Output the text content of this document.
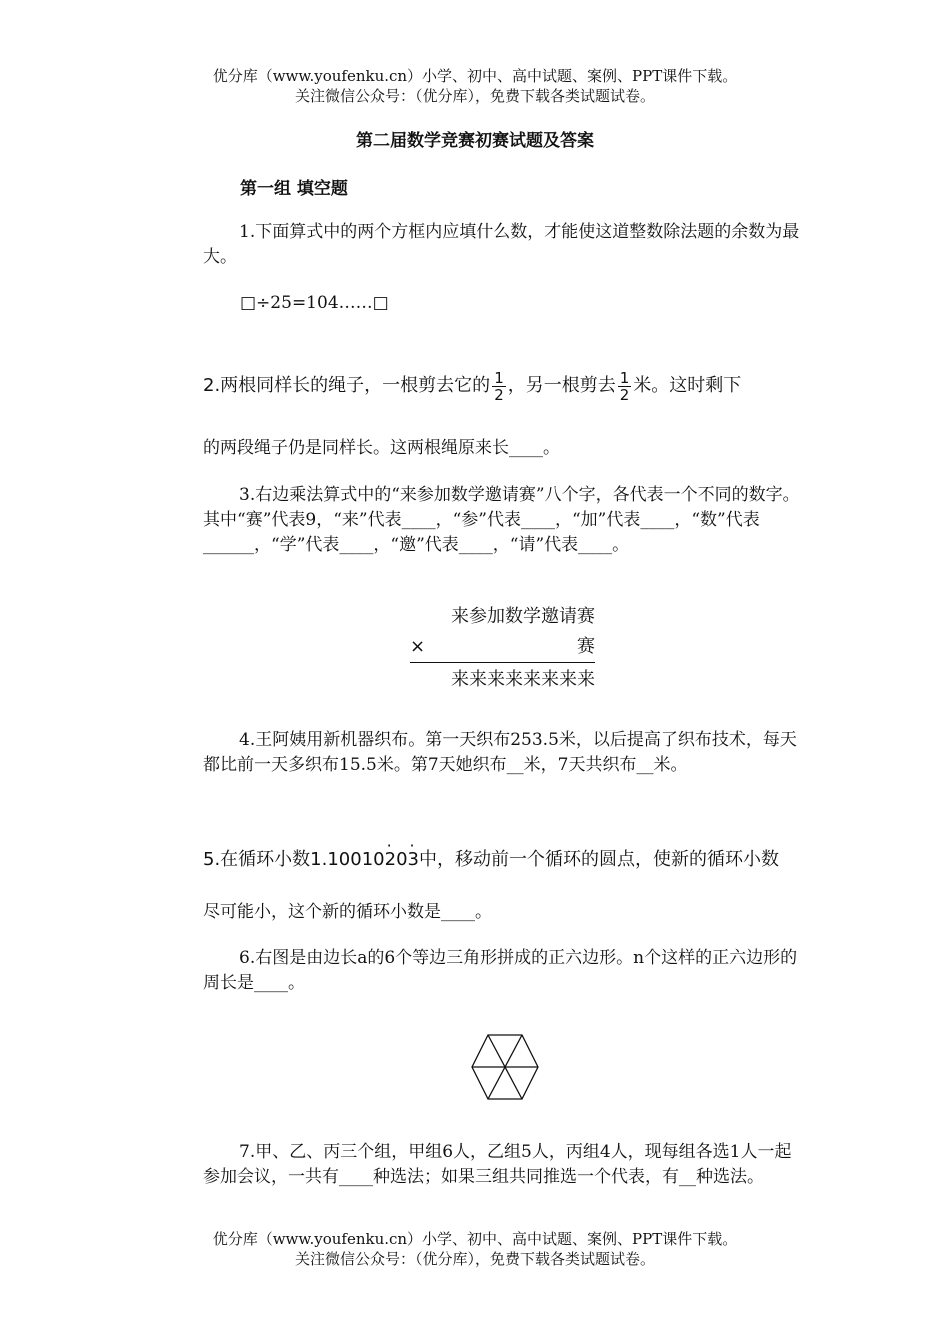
优分库（www.youfenku.cn）小学、初中、高中试题、案例、PPT课件下载。
关注微信公众号：（优分库），免费下载各类试题试卷。
第二届数学竞赛初赛试题及答案
第一组 填空题
1.下面算式中的两个方框内应填什么数，才能使这道整数除法题的余数为最大。
□÷25=104……□
2.两根同样长的绳子，一根剪去它的 $\frac{1}{2}$ ，另一根剪去 $\frac{1}{2}$ 米。这时剩下
的两段绳子仍是同样长。这两根绳原来长____。
3.右边乘法算式中的“来参加数学邀请赛”八个字，各代表一个不同的数字。其中“赛”代表9，“来”代表____，“参”代表____，“加”代表____，“数”代表______，“学”代表____，“邀”代表____，“请”代表____。
来参加数学邀请赛
×	赛
来来来来来来来来
4.王阿姨用新机器织布。第一天织布253.5米，以后提高了织布技术，每天都比前一天多织布15.5米。第7天她织布__米，7天共织布__米。
5.在循环小数1.100102 ·03 ·中，移动前一个循环的圆点，使新的循环小数
尽可能小，这个新的循环小数是____。
6.右图是由边长a的6个等边三角形拼成的正六边形。n个这样的正六边形的周长是____。
7.甲、乙、丙三个组，甲组6人，乙组5人，丙组4人，现每组各选1人一起参加会议，一共有____种选法；如果三组共同推选一个代表，有__种选法。
优分库（www.youfenku.cn）小学、初中、高中试题、案例、PPT课件下载。
关注微信公众号：（优分库），免费下载各类试题试卷。
